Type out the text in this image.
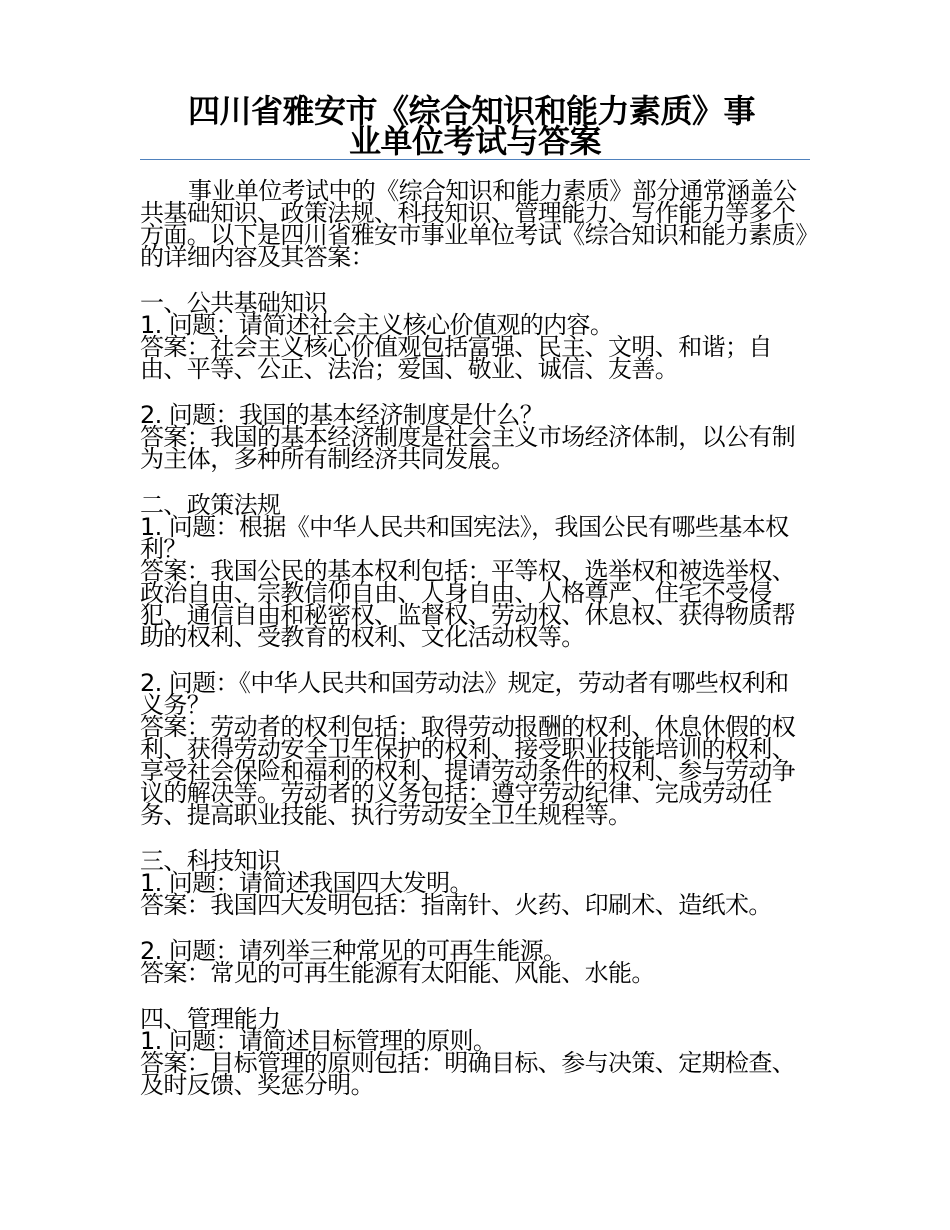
四川省雅安市《综合知识和能力素质》事
业单位考试与答案

事业单位考试中的《综合知识和能力素质》部分通常涵盖公共基础知识、政策法规、科技知识、管理能力、写作能力等多个方面。以下是四川省雅安市事业单位考试《综合知识和能力素质》的详细内容及其答案：

一、公共基础知识

1. 问题：请简述社会主义核心价值观的内容。

答案：社会主义核心价值观包括富强、民主、文明、和谐；自由、平等、公正、法治；爱国、敬业、诚信、友善。

2. 问题：我国的基本经济制度是什么？

答案：我国的基本经济制度是社会主义市场经济体制，以公有制为主体，多种所有制经济共同发展。

二、政策法规

1. 问题：根据《中华人民共和国宪法》，我国公民有哪些基本权利？

答案：我国公民的基本权利包括：平等权、选举权和被选举权、政治自由、宗教信仰自由、人身自由、人格尊严、住宅不受侵犯、通信自由和秘密权、监督权、劳动权、休息权、获得物质帮助的权利、受教育的权利、文化活动权等。

2. 问题：《中华人民共和国劳动法》规定，劳动者有哪些权利和义务？

答案：劳动者的权利包括：取得劳动报酬的权利、休息休假的权利、获得劳动安全卫生保护的权利、接受职业技能培训的权利、享受社会保险和福利的权利、提请劳动条件的权利、参与劳动争议的解决等。劳动者的义务包括：遵守劳动纪律、完成劳动任务、提高职业技能、执行劳动安全卫生规程等。

三、科技知识

1. 问题：请简述我国四大发明。

答案：我国四大发明包括：指南针、火药、印刷术、造纸术。

2. 问题：请列举三种常见的可再生能源。

答案：常见的可再生能源有太阳能、风能、水能。

四、管理能力

1. 问题：请简述目标管理的原则。

答案：目标管理的原则包括：明确目标、参与决策、定期检查、及时反馈、奖惩分明。
